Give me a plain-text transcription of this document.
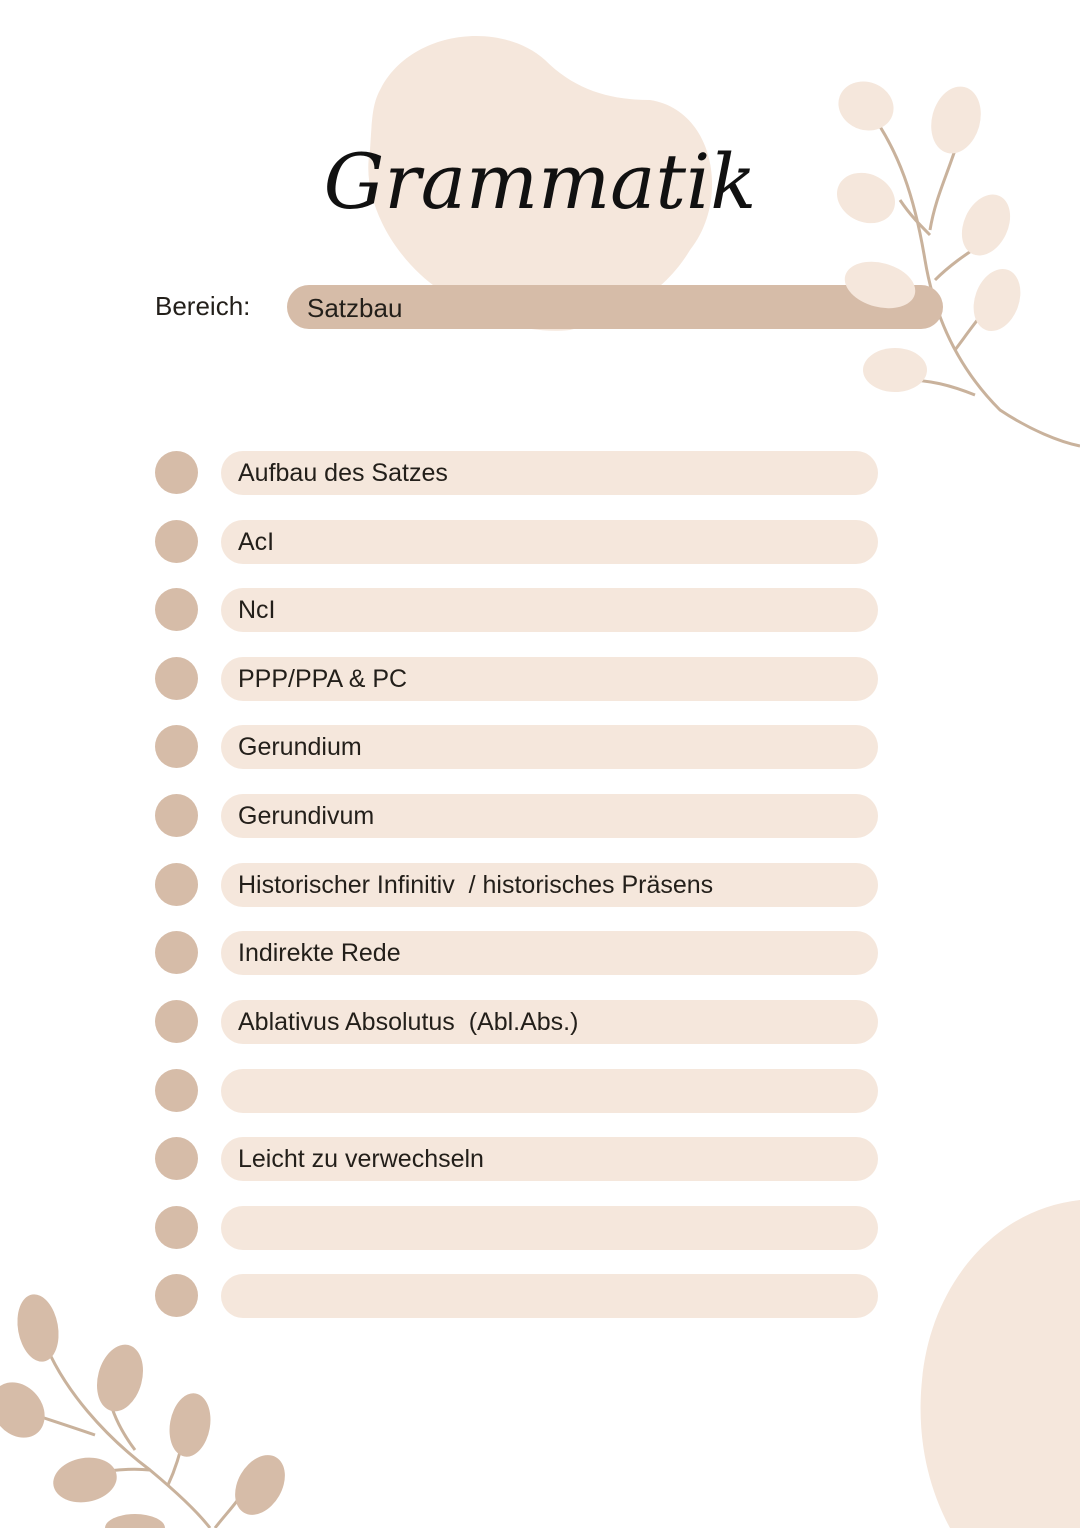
Grammatik
Bereich: Satzbau
Aufbau des Satzes
AcI
NcI
PPP/PPA & PC
Gerundium
Gerundivum
Historischer Infinitiv  / historisches Präsens
Indirekte Rede
Ablativus Absolutus  (Abl.Abs.)
Leicht zu verwechseln
